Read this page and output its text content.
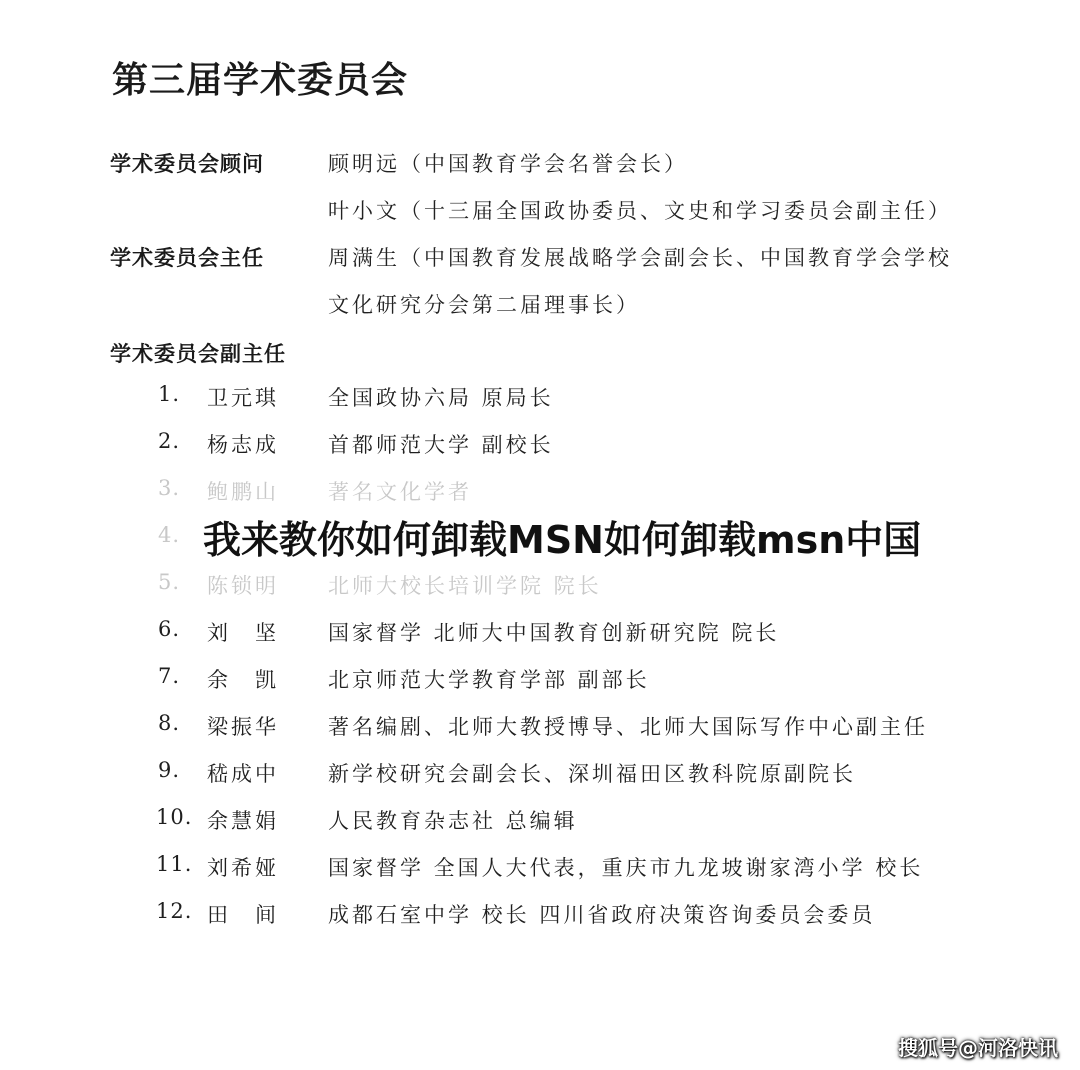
第三届学术委员会
学术委员会顾问	顾明远（中国教育学会名誉会长）
叶小文（十三届全国政协委员、文史和学习委员会副主任）
学术委员会主任	周满生（中国教育发展战略学会副会长、中国教育学会学校
文化研究分会第二届理事长）
学术委员会副主任
1. 卫元琪 全国政协六局 原局长
2. 杨志成 首都师范大学 副校长
3. 鲍鹏山 著名文化学者
4.
5. 陈锁明 北师大校长培训学院 院长
6. 刘　坚 国家督学 北师大中国教育创新研究院 院长
7. 余　凯 北京师范大学教育学部 副部长
8. 梁振华 著名编剧、北师大教授博导、北师大国际写作中心副主任
9. 嵇成中 新学校研究会副会长、深圳福田区教科院原副院长
10. 余慧娟 人民教育杂志社 总编辑
11. 刘希娅 国家督学 全国人大代表，重庆市九龙坡谢家湾小学 校长
12. 田　间 成都石室中学 校长 四川省政府决策咨询委员会委员
我来教你如何卸载MSN如何卸载msn中国
搜狐号@河洛快讯
